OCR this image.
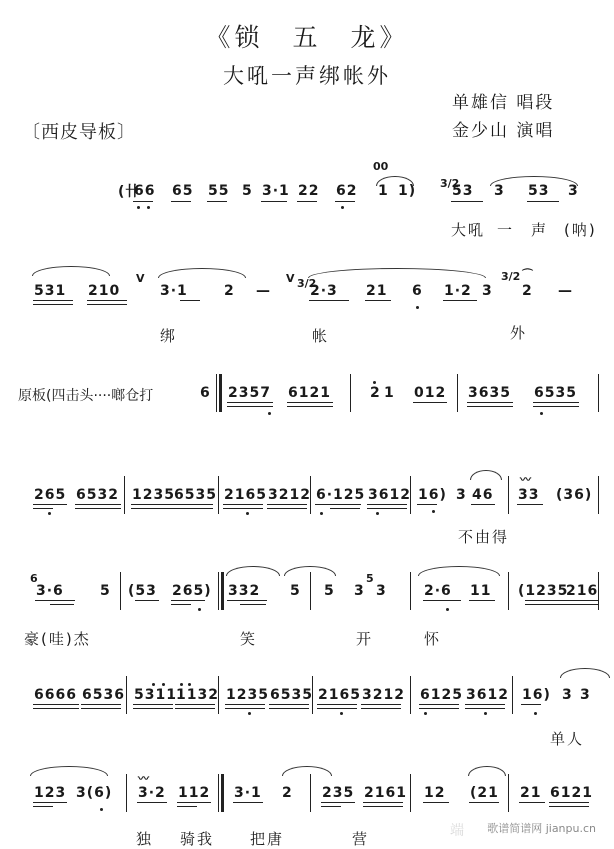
《锁　五　龙》
大吼一声绑帐外
单雄信 唱段
金少山 演唱
〔西皮导板〕
(卄
66 65 55 5 3·1 22 62
00
1 1) 3/2
53 3 53 3
大吼 一 声 (呐)
531 210
V
3·1	2 —
V 3/2
2·3 21 6 1·2 3
3/2
2
⌒
—
绑	帐	外
原板(四击头····啷仓打	6 2357 6121	2 1 012 3635 6535
265 6532 1235 6535 2165 3212 6·125 3612 16) 3 46
〰
33 (36)
不由得
6
3·6	5 (53 265) 332 5 5 3
5
3	2·6 11 (1235
216
豪(哇)杰	笑	开	怀
6666 6536 5311 1132 1235 6535 2165 3212 6125 3612 16) 3 3
单人
123 3(6)
〰
3·2 112 3·1 2 235 2161 12 (21 21 6121
独 骑我 把唐	营	端 歌谱简谱网 jianpu.cn
